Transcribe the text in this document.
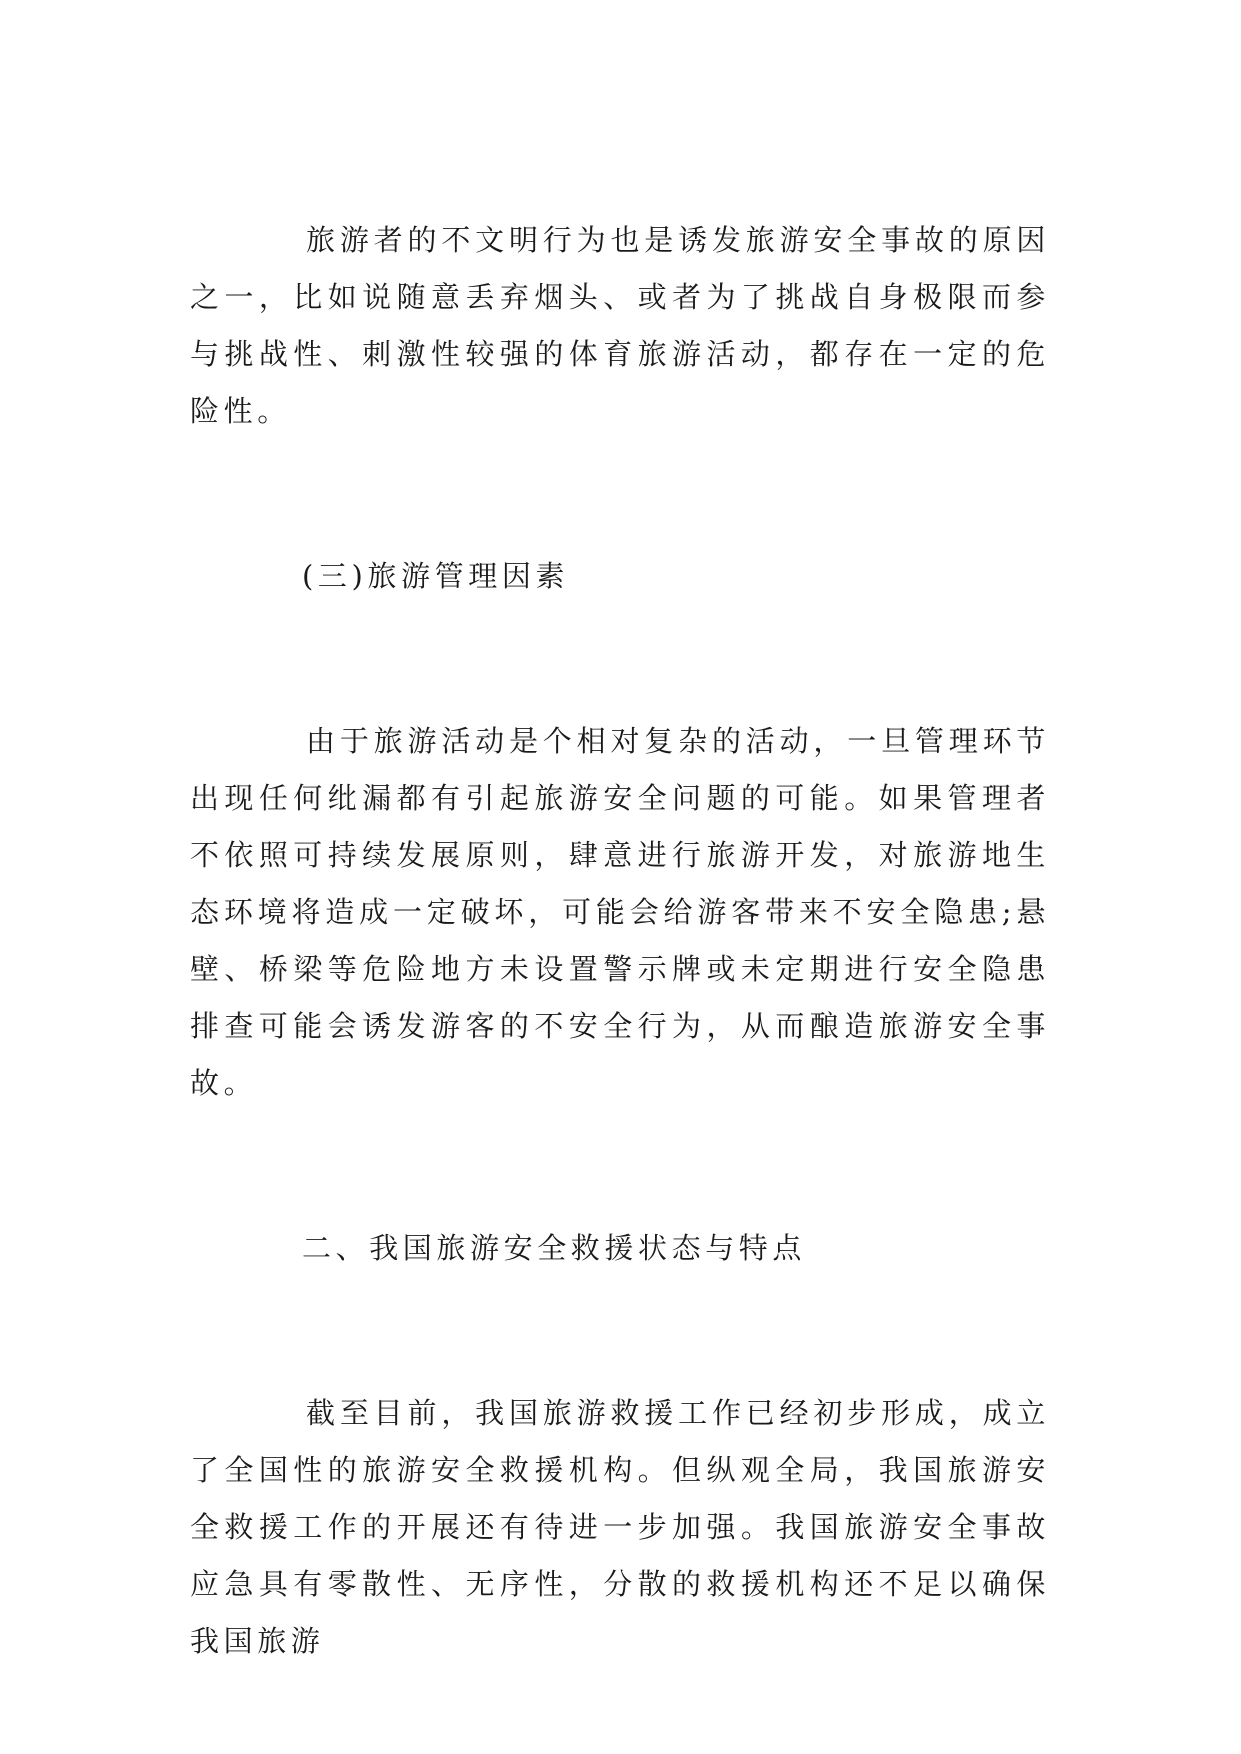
旅游者的不文明行为也是诱发旅游安全事故的原因之一，比如说随意丢弃烟头、或者为了挑战自身极限而参与挑战性、刺激性较强的体育旅游活动，都存在一定的危险性。

(三)旅游管理因素

由于旅游活动是个相对复杂的活动，一旦管理环节出现任何纰漏都有引起旅游安全问题的可能。如果管理者不依照可持续发展原则，肆意进行旅游开发，对旅游地生态环境将造成一定破坏，可能会给游客带来不安全隐患;悬壁、桥梁等危险地方未设置警示牌或未定期进行安全隐患排查可能会诱发游客的不安全行为，从而酿造旅游安全事故。

二、我国旅游安全救援状态与特点

截至目前，我国旅游救援工作已经初步形成，成立了全国性的旅游安全救援机构。但纵观全局，我国旅游安全救援工作的开展还有待进一步加强。我国旅游安全事故应急具有零散性、无序性，分散的救援机构还不足以确保我国旅游
